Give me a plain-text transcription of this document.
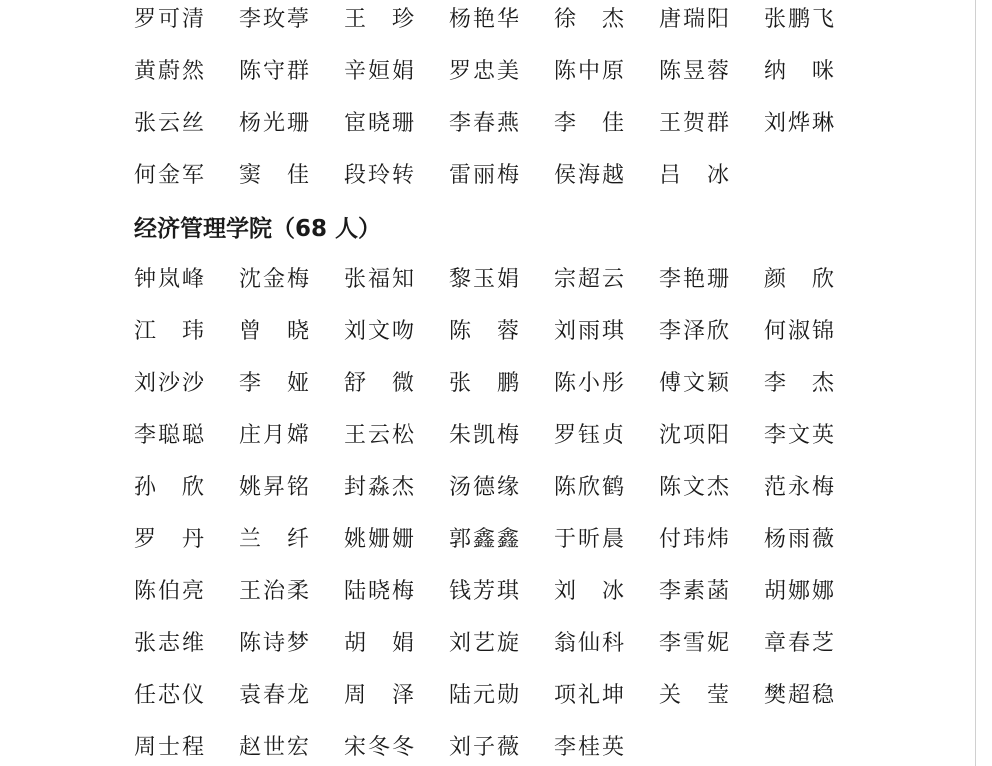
经济管理学院（68 人）
罗可清 李玫葶 王　珍 杨艳华 徐　杰 唐瑞阳 张鹏飞
黄蔚然 陈守群 辛姮娟 罗忠美 陈中原 陈昱蓉 纳　咪
张云丝 杨光珊 宦晓珊 李春燕 李　佳 王贺群 刘烨琳
何金军 窦　佳 段玲转 雷丽梅 侯海越 吕　冰
钟岚峰 沈金梅 张福知 黎玉娟 宗超云 李艳珊 颜　欣
江　玮 曾　晓 刘文吻 陈　蓉 刘雨琪 李泽欣 何淑锦
刘沙沙 李　娅 舒　微 张　鹏 陈小彤 傅文颖 李　杰
李聪聪 庄月嫦 王云松 朱凯梅 罗钰贞 沈项阳 李文英
孙　欣 姚昇铭 封淼杰 汤德缘 陈欣鹤 陈文杰 范永梅
罗　丹 兰　纤 姚姗姗 郭鑫鑫 于昕晨 付玮炜 杨雨薇
陈伯亮 王治柔 陆晓梅 钱芳琪 刘　冰 李素菡 胡娜娜
张志维 陈诗梦 胡　娟 刘艺旋 翁仙科 李雪妮 章春芝
任芯仪 袁春龙 周　泽 陆元勋 项礼坤 关　莹 樊超稳
周士程 赵世宏 宋冬冬 刘子薇 李桂英
